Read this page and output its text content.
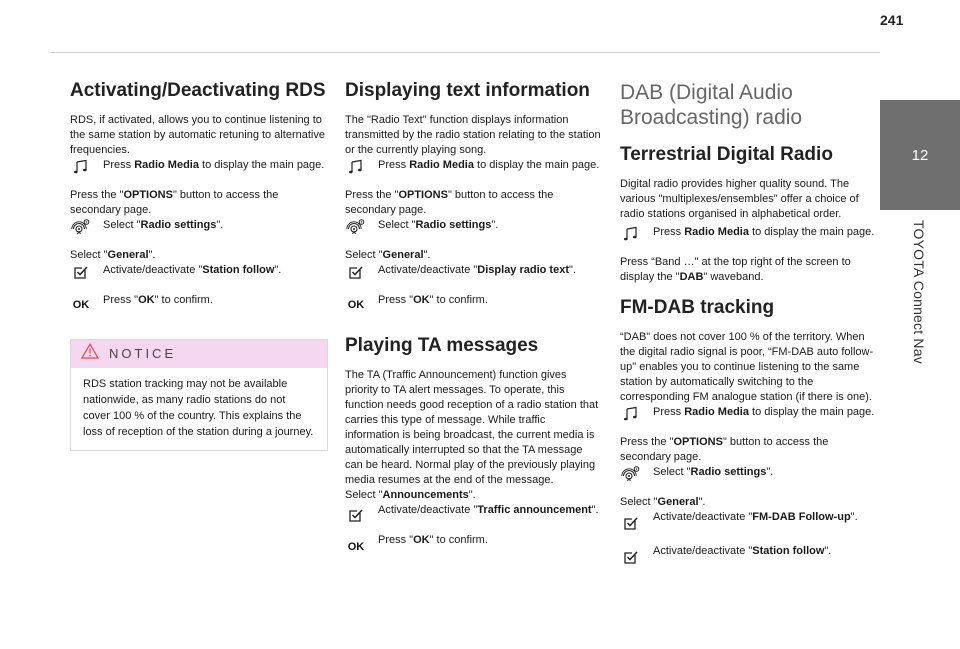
241
12
TOYOTA Connect Nav
Activating/Deactivating RDS

RDS, if activated, allows you to continue listening to the same station by automatic retuning to alternative frequencies.

Press Radio Media to display the main page.

Press the "OPTIONS" button to access the secondary page.

Select "Radio settings".

Select "General".

Activate/deactivate "Station follow".
OK Press "OK" to confirm.
NOTICE

RDS station tracking may not be available nationwide, as many radio stations do not cover 100 % of the country. This explains the loss of reception of the station during a journey.

Displaying text information

The "Radio Text" function displays information transmitted by the radio station relating to the station or the currently playing song.

Press Radio Media to display the main page.

Press the "OPTIONS" button to access the secondary page.

Select "Radio settings".

Select "General".

Activate/deactivate "Display radio text".
OK Press "OK" to confirm.
Playing TA messages

The TA (Traffic Announcement) function gives priority to TA alert messages. To operate, this function needs good reception of a radio station that carries this type of message. While traffic information is being broadcast, the current media is automatically interrupted so that the TA message can be heard. Normal play of the previously playing media resumes at the end of the message.

Select "Announcements".

Activate/deactivate "Traffic announcement".
OK
Press "OK" to confirm.
DAB (Digital Audio Broadcasting) radio
Terrestrial Digital Radio

Digital radio provides higher quality sound. The various "multiplexes/ensembles" offer a choice of radio stations organised in alphabetical order.

Press Radio Media to display the main page.

Press “Band …" at the top right of the screen to display the "DAB" waveband.

FM-DAB tracking

“DAB" does not cover 100 % of the territory. When the digital radio signal is poor, “FM-DAB auto follow-up" enables you to continue listening to the same station by automatically switching to the corresponding FM analogue station (if there is one).

Press Radio Media to display the main page.

Press the "OPTIONS" button to access the secondary page.

Select "Radio settings".

Select "General".

Activate/deactivate "FM-DAB Follow-up".
Activate/deactivate "Station follow".
